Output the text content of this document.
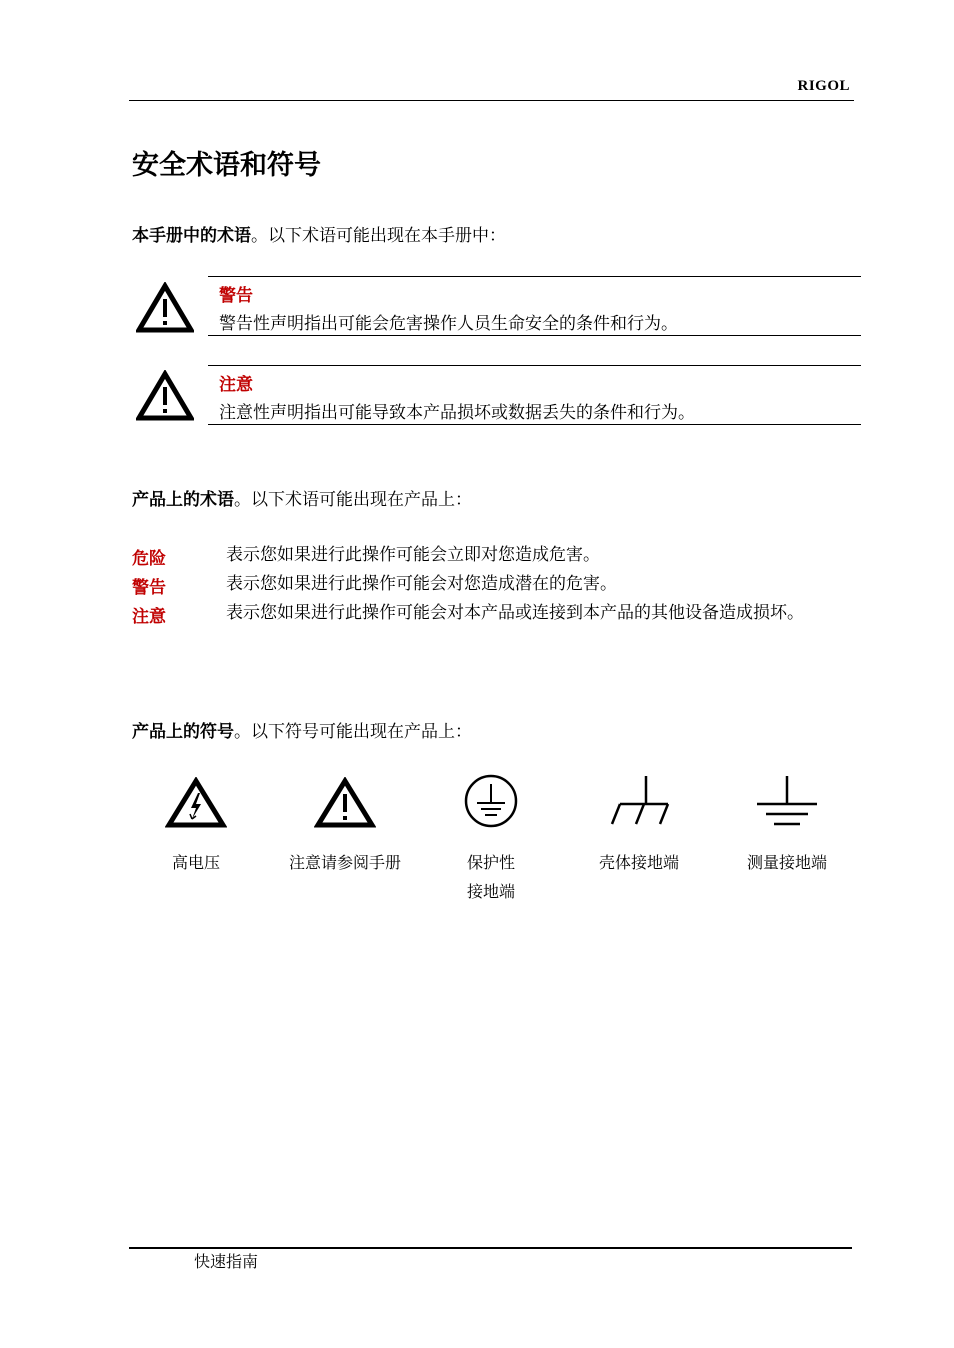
RIGOL
安全术语和符号

本手册中的术语。以下术语可能出现在本手册中：

警告
警告性声明指出可能会危害操作人员生命安全的条件和行为。
注意
注意性声明指出可能导致本产品损坏或数据丢失的条件和行为。

产品上的术语。以下术语可能出现在产品上：

危险	表示您如果进行此操作可能会立即对您造成危害。
警告	表示您如果进行此操作可能会对您造成潜在的危害。
注意	表示您如果进行此操作可能会对本产品或连接到本产品的其他设备造成损坏。

产品上的符号。以下符号可能出现在产品上：

高电压	注意请参阅手册	保护性
接地端
壳体接地端	测量接地端
快速指南
